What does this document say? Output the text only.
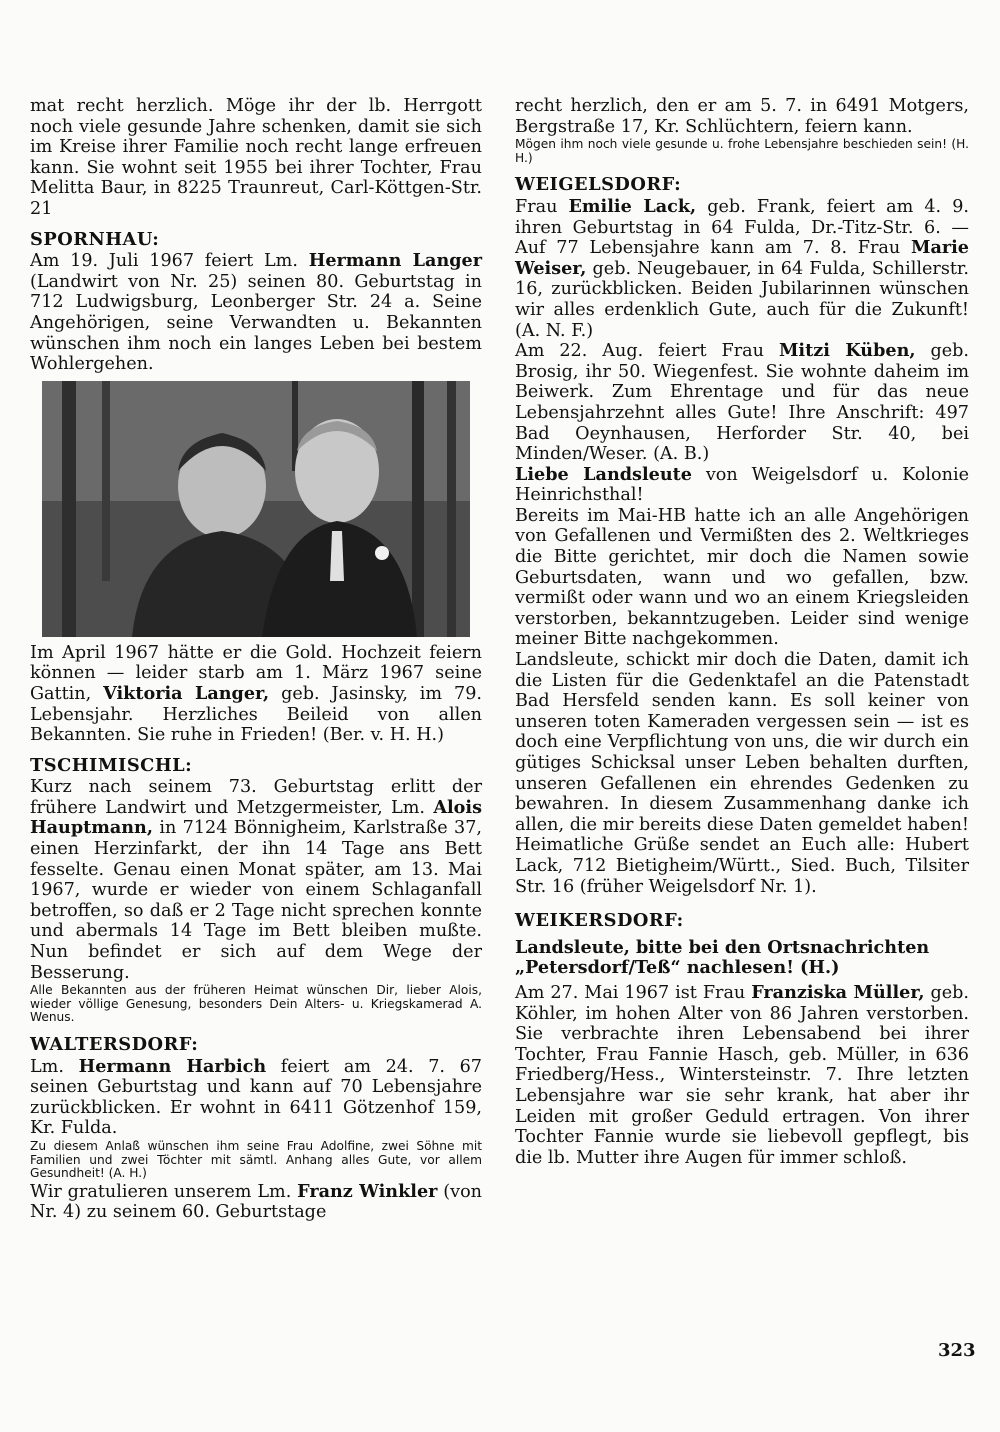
mat recht herzlich. Möge ihr der lb. Herrgott noch viele gesunde Jahre schenken, damit sie sich im Kreise ihrer Familie noch recht lange erfreuen kann. Sie wohnt seit 1955 bei ihrer Tochter, Frau Melitta Baur, in 8225 Traunreut, Carl-Köttgen-Str. 21

SPORNHAU:

Am 19. Juli 1967 feiert Lm. Hermann Langer (Landwirt von Nr. 25) seinen 80. Geburtstag in 712 Ludwigsburg, Leonberger Str. 24 a. Seine Angehörigen, seine Verwandten u. Bekannten wünschen ihm noch ein langes Leben bei bestem Wohlergehen.

Im April 1967 hätte er die Gold. Hochzeit feiern können — leider starb am 1. März 1967 seine Gattin, Viktoria Langer, geb. Jasinsky, im 79. Lebensjahr. Herzliches Beileid von allen Bekannten. Sie ruhe in Frieden! (Ber. v. H. H.)

TSCHIMISCHL:

Kurz nach seinem 73. Geburtstag erlitt der frühere Landwirt und Metzgermeister, Lm. Alois Hauptmann, in 7124 Bönnigheim, Karlstraße 37, einen Herzinfarkt, der ihn 14 Tage ans Bett fesselte. Genau einen Monat später, am 13. Mai 1967, wurde er wieder von einem Schlaganfall betroffen, so daß er 2 Tage nicht sprechen konnte und abermals 14 Tage im Bett bleiben mußte. Nun befindet er sich auf dem Wege der Besserung.

Alle Bekannten aus der früheren Heimat wünschen Dir, lieber Alois, wieder völlige Genesung, besonders Dein Alters- u. Kriegskamerad A. Wenus.

WALTERSDORF:

Lm. Hermann Harbich feiert am 24. 7. 67 seinen Geburtstag und kann auf 70 Lebensjahre zurückblicken. Er wohnt in 6411 Götzenhof 159, Kr. Fulda.

Zu diesem Anlaß wünschen ihm seine Frau Adolfine, zwei Söhne mit Familien und zwei Töchter mit sämtl. Anhang alles Gute, vor allem Gesundheit! (A. H.)

Wir gratulieren unserem Lm. Franz Winkler (von Nr. 4) zu seinem 60. Geburtstage

recht herzlich, den er am 5. 7. in 6491 Motgers, Bergstraße 17, Kr. Schlüchtern, feiern kann.

Mögen ihm noch viele gesunde u. frohe Lebensjahre beschieden sein! (H. H.)

WEIGELSDORF:

Frau Emilie Lack, geb. Frank, feiert am 4. 9. ihren Geburtstag in 64 Fulda, Dr.-Titz-Str. 6. — Auf 77 Lebensjahre kann am 7. 8. Frau Marie Weiser, geb. Neugebauer, in 64 Fulda, Schillerstr. 16, zurückblicken. Beiden Jubilarinnen wünschen wir alles erdenklich Gute, auch für die Zukunft! (A. N. F.)

Am 22. Aug. feiert Frau Mitzi Küben, geb. Brosig, ihr 50. Wiegenfest. Sie wohnte daheim im Beiwerk. Zum Ehrentage und für das neue Lebensjahrzehnt alles Gute! Ihre Anschrift: 497 Bad Oeynhausen, Herforder Str. 40, bei Minden/Weser. (A. B.)

Liebe Landsleute von Weigelsdorf u. Kolonie Heinrichsthal!

Bereits im Mai-HB hatte ich an alle Angehörigen von Gefallenen und Vermißten des 2. Weltkrieges die Bitte gerichtet, mir doch die Namen sowie Geburtsdaten, wann und wo gefallen, bzw. vermißt oder wann und wo an einem Kriegsleiden verstorben, bekanntzugeben. Leider sind wenige meiner Bitte nachgekommen.

Landsleute, schickt mir doch die Daten, damit ich die Listen für die Gedenktafel an die Patenstadt Bad Hersfeld senden kann. Es soll keiner von unseren toten Kameraden vergessen sein — ist es doch eine Verpflichtung von uns, die wir durch ein gütiges Schicksal unser Leben behalten durften, unseren Gefallenen ein ehrendes Gedenken zu bewahren. In diesem Zusammenhang danke ich allen, die mir bereits diese Daten gemeldet haben! Heimatliche Grüße sendet an Euch alle: Hubert Lack, 712 Bietigheim/Württ., Sied. Buch, Tilsiter Str. 16 (früher Weigelsdorf Nr. 1).

WEIKERSDORF:

Landsleute, bitte bei den Ortsnachrichten „Petersdorf/Teß“ nachlesen! (H.)

Am 27. Mai 1967 ist Frau Franziska Müller, geb. Köhler, im hohen Alter von 86 Jahren verstorben. Sie verbrachte ihren Lebensabend bei ihrer Tochter, Frau Fannie Hasch, geb. Müller, in 636 Friedberg/Hess., Wintersteinstr. 7. Ihre letzten Lebensjahre war sie sehr krank, hat aber ihr Leiden mit großer Geduld ertragen. Von ihrer Tochter Fannie wurde sie liebevoll gepflegt, bis die lb. Mutter ihre Augen für immer schloß.

323
